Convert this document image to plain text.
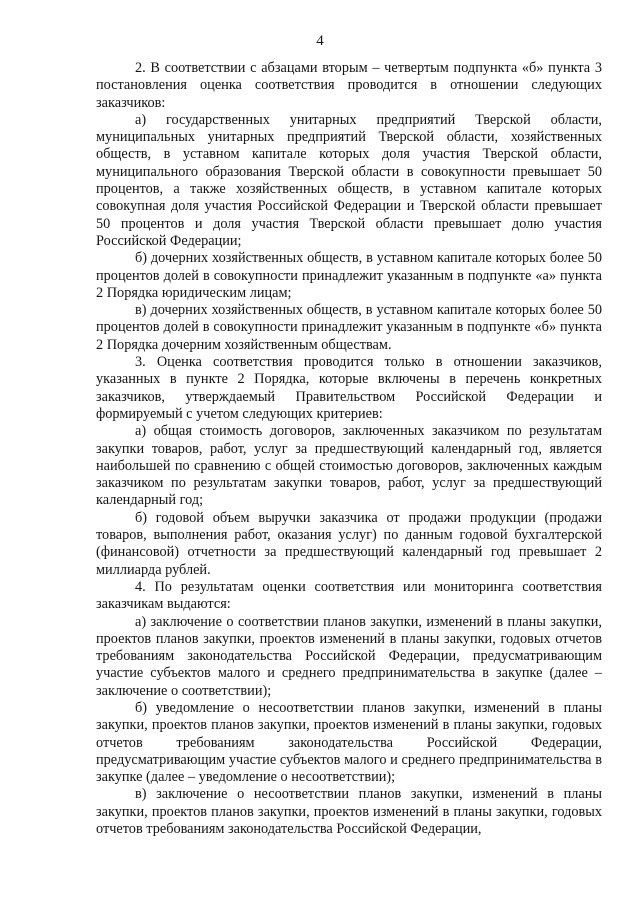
4

2. В соответствии с абзацами вторым – четвертым подпункта «б» пункта 3 постановления оценка соответствия проводится в отношении следующих заказчиков:

а) государственных унитарных предприятий Тверской области, муниципальных унитарных предприятий Тверской области, хозяйственных обществ, в уставном капитале которых доля участия Тверской области, муниципального образования Тверской области в совокупности превышает 50 процентов, а также хозяйственных обществ, в уставном капитале которых совокупная доля участия Российской Федерации и Тверской области превышает 50 процентов и доля участия Тверской области превышает долю участия Российской Федерации;

б) дочерних хозяйственных обществ, в уставном капитале которых более 50 процентов долей в совокупности принадлежит указанным в подпункте «а» пункта 2 Порядка юридическим лицам;

в) дочерних хозяйственных обществ, в уставном капитале которых более 50 процентов долей в совокупности принадлежит указанным в подпункте «б» пункта 2 Порядка дочерним хозяйственным обществам.

3. Оценка соответствия проводится только в отношении заказчиков, указанных в пункте 2 Порядка, которые включены в перечень конкретных заказчиков, утверждаемый Правительством Российской Федерации и формируемый с учетом следующих критериев:

а) общая стоимость договоров, заключенных заказчиком по результатам закупки товаров, работ, услуг за предшествующий календарный год, является наибольшей по сравнению с общей стоимостью договоров, заключенных каждым заказчиком по результатам закупки товаров, работ, услуг за предшествующий календарный год;

б) годовой объем выручки заказчика от продажи продукции (продажи товаров, выполнения работ, оказания услуг) по данным годовой бухгалтерской (финансовой) отчетности за предшествующий календарный год превышает 2 миллиарда рублей.

4. По результатам оценки соответствия или мониторинга соответствия заказчикам выдаются:

а) заключение о соответствии планов закупки, изменений в планы закупки, проектов планов закупки, проектов изменений в планы закупки, годовых отчетов требованиям законодательства Российской Федерации, предусматривающим участие субъектов малого и среднего предпринимательства в закупке (далее – заключение о соответствии);

б) уведомление о несоответствии планов закупки, изменений в планы закупки, проектов планов закупки, проектов изменений в планы закупки, годовых отчетов требованиям законодательства Российской Федерации, предусматривающим участие субъектов малого и среднего предпринимательства в закупке (далее – уведомление о несоответствии);

в) заключение о несоответствии планов закупки, изменений в планы закупки, проектов планов закупки, проектов изменений в планы закупки, годовых отчетов требованиям законодательства Российской Федерации,
